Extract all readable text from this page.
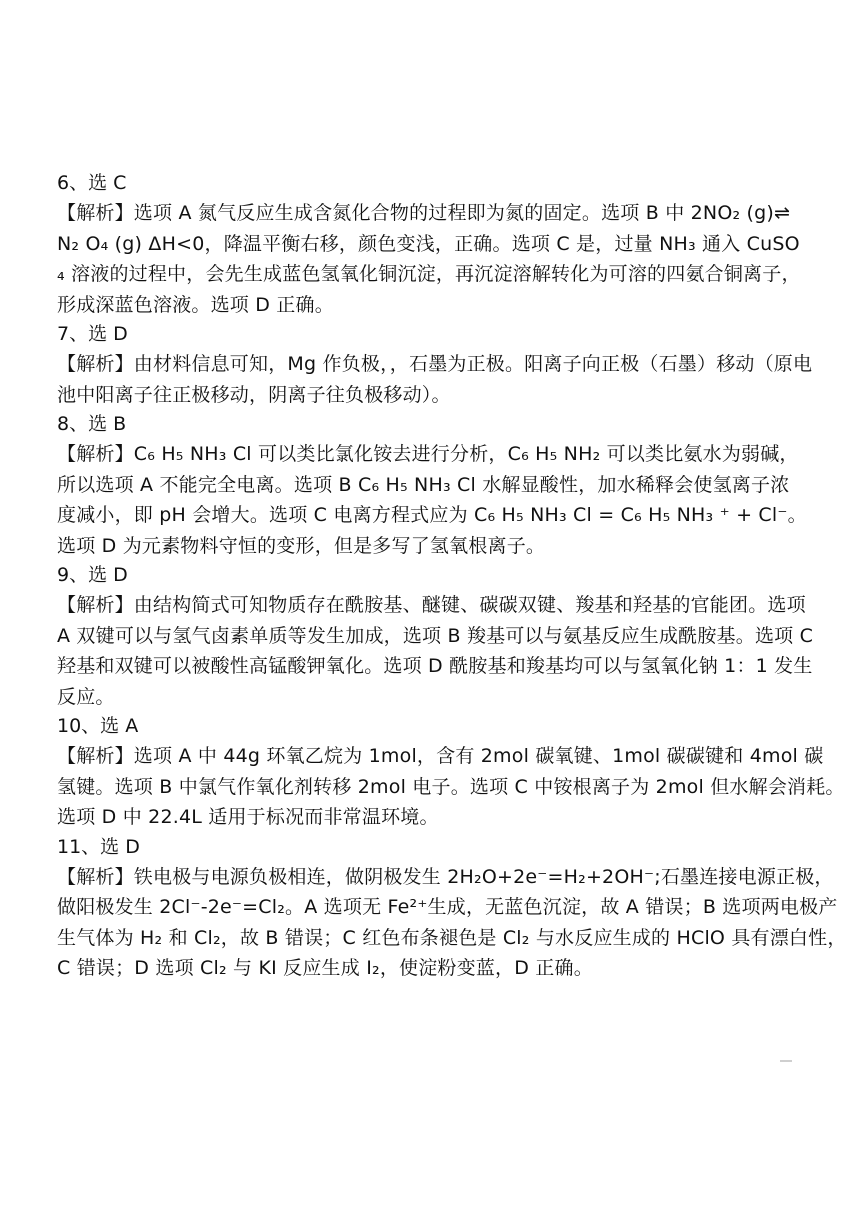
6、选 C

【解析】选项 A 氮气反应生成含氮化合物的过程即为氮的固定。选项 B 中 2NO₂ (g)⇌
N₂ O₄ (g) ΔH<0，降温平衡右移，颜色变浅，正确。选项 C 是，过量 NH₃ 通入 CuSO
₄ 溶液的过程中，会先生成蓝色氢氧化铜沉淀，再沉淀溶解转化为可溶的四氨合铜离子，
形成深蓝色溶液。选项 D 正确。

7、选 D

【解析】由材料信息可知，Mg 作负极，，石墨为正极。阳离子向正极（石墨）移动（原电
池中阳离子往正极移动，阴离子往负极移动）。

8、选 B

【解析】C₆ H₅ NH₃ Cl 可以类比氯化铵去进行分析，C₆ H₅ NH₂ 可以类比氨水为弱碱，
所以选项 A 不能完全电离。选项 B C₆ H₅ NH₃ Cl 水解显酸性，加水稀释会使氢离子浓
度减小，即 pH 会增大。选项 C 电离方程式应为 C₆ H₅ NH₃ Cl = C₆ H₅ NH₃ ⁺ + Cl⁻。
选项 D 为元素物料守恒的变形，但是多写了氢氧根离子。

9、选 D

【解析】由结构简式可知物质存在酰胺基、醚键、碳碳双键、羧基和羟基的官能团。选项
A 双键可以与氢气卤素单质等发生加成，选项 B 羧基可以与氨基反应生成酰胺基。选项 C
羟基和双键可以被酸性高锰酸钾氧化。选项 D 酰胺基和羧基均可以与氢氧化钠 1：1 发生
反应。

10、选 A

【解析】选项 A 中 44g 环氧乙烷为 1mol，含有 2mol 碳氧键、1mol 碳碳键和 4mol 碳
氢键。选项 B 中氯气作氧化剂转移 2mol 电子。选项 C 中铵根离子为 2mol 但水解会消耗。
选项 D 中 22.4L 适用于标况而非常温环境。

11、选 D

【解析】铁电极与电源负极相连，做阴极发生 2H₂O+2e⁻=H₂+2OH⁻;石墨连接电源正极，
做阳极发生 2Cl⁻-2e⁻=Cl₂。A 选项无 Fe²⁺生成，无蓝色沉淀，故 A 错误；B 选项两电极产
生气体为 H₂ 和 Cl₂，故 B 错误；C 红色布条褪色是 Cl₂ 与水反应生成的 HClO 具有漂白性，
C 错误；D 选项 Cl₂ 与 KI 反应生成 I₂，使淀粉变蓝，D 正确。
